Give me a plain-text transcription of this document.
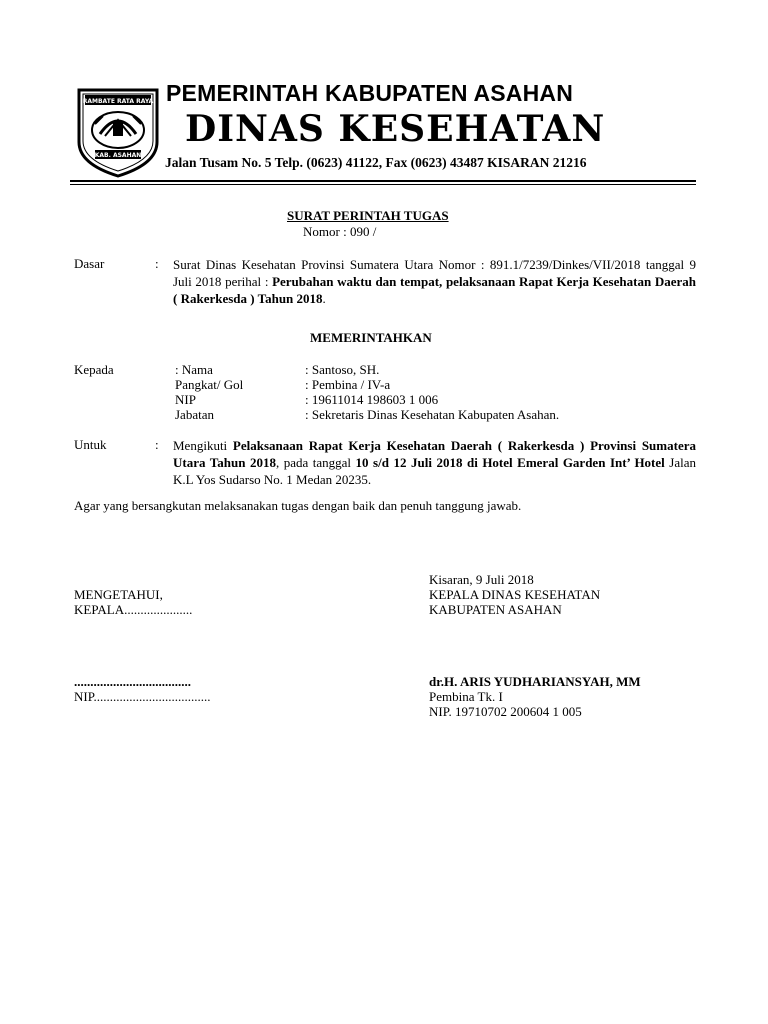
RAMBATE RATA RAYA
KAB. ASAHAN
PEMERINTAH KABUPATEN ASAHAN
DINAS KESEHATAN
Jalan Tusam No. 5 Telp. (0623) 41122, Fax (0623) 43487 KISARAN 21216
SURAT PERINTAH TUGAS
Nomor : 090 /
Dasar	: Surat Dinas Kesehatan Provinsi Sumatera Utara Nomor : 891.1/7239/Dinkes/VII/2018 tanggal 9 Juli 2018 perihal : Perubahan waktu dan tempat, pelaksanaan Rapat Kerja Kesehatan Daerah ( Rakerkesda ) Tahun 2018.
MEMERINTAHKAN
Kepada	: Nama	: Santoso, SH.
Pangkat/ Gol	: Pembina / IV-a
NIP	: 19611014 198603 1 006
Jabatan	: Sekretaris Dinas Kesehatan Kabupaten Asahan.
Untuk	: Mengikuti Pelaksanaan Rapat Kerja Kesehatan Daerah ( Rakerkesda ) Provinsi Sumatera Utara Tahun 2018, pada tanggal 10 s/d 12 Juli 2018 di Hotel Emeral Garden Int’ Hotel Jalan K.L Yos Sudarso No. 1 Medan 20235.
Agar yang bersangkutan melaksanakan tugas dengan baik dan penuh tanggung jawab.
Kisaran, 9 Juli 2018
KEPALA DINAS KESEHATAN
KABUPATEN ASAHAN
dr.H. ARIS YUDHARIANSYAH, MM
Pembina Tk. I
NIP. 19710702 200604 1 005
MENGETAHUI,
KEPALA.....................
....................................
NIP....................................
